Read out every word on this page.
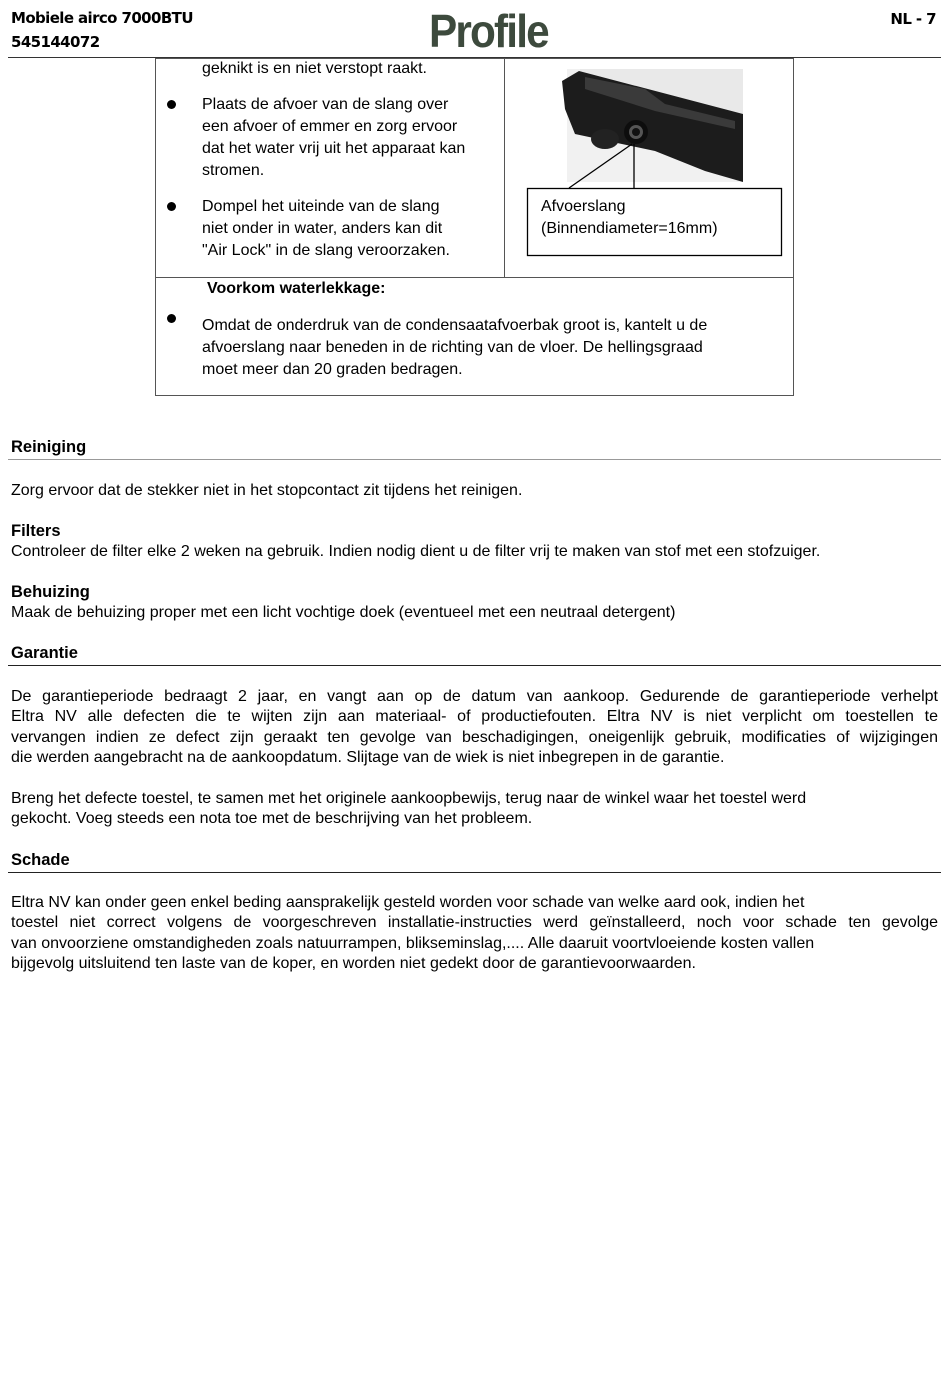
Mobiele airco 7000BTU
545144072	Profile	NL - 7
geknikt is en niet verstopt raakt.
Plaats de afvoer van de slang over
een afvoer of emmer en zorg ervoor
dat het water vrij uit het apparaat kan
stromen.
Dompel het uiteinde van de slang
niet onder in water, anders kan dit
"Air Lock" in de slang veroorzaken.
Afvoerslang
(Binnendiameter=16mm)
Voorkom waterlekkage:
Omdat de onderdruk van de condensaatafvoerbak groot is, kantelt u de
afvoerslang naar beneden in de richting van de vloer. De hellingsgraad
moet meer dan 20 graden bedragen.
Reiniging
Zorg ervoor dat de stekker niet in het stopcontact zit tijdens het reinigen.
Filters
Controleer de filter elke 2 weken na gebruik. Indien nodig dient u de filter vrij te maken van stof met een stofzuiger.
Behuizing
Maak de behuizing proper met een licht vochtige doek (eventueel met een neutraal detergent)
Garantie
De garantieperiode bedraagt 2 jaar, en vangt aan op de datum van aankoop. Gedurende de garantieperiode verhelpt
Eltra NV alle defecten die te wijten zijn aan materiaal- of productiefouten. Eltra NV is niet verplicht om toestellen te
vervangen indien ze defect zijn geraakt ten gevolge van beschadigingen, oneigenlijk gebruik, modificaties of wijzigingen
die werden aangebracht na de aankoopdatum. Slijtage van de wiek is niet inbegrepen in de garantie.
Breng het defecte toestel, te samen met het originele aankoopbewijs, terug naar de winkel waar het toestel werd
gekocht. Voeg steeds een nota toe met de beschrijving van het probleem.
Schade
Eltra NV kan onder geen enkel beding aansprakelijk gesteld worden voor schade van welke aard ook, indien het
toestel niet correct volgens de voorgeschreven installatie-instructies werd geïnstalleerd, noch voor schade ten gevolge
van onvoorziene omstandigheden zoals natuurrampen, blikseminslag,.... Alle daaruit voortvloeiende kosten vallen
bijgevolg uitsluitend ten laste van de koper, en worden niet gedekt door de garantievoorwaarden.
